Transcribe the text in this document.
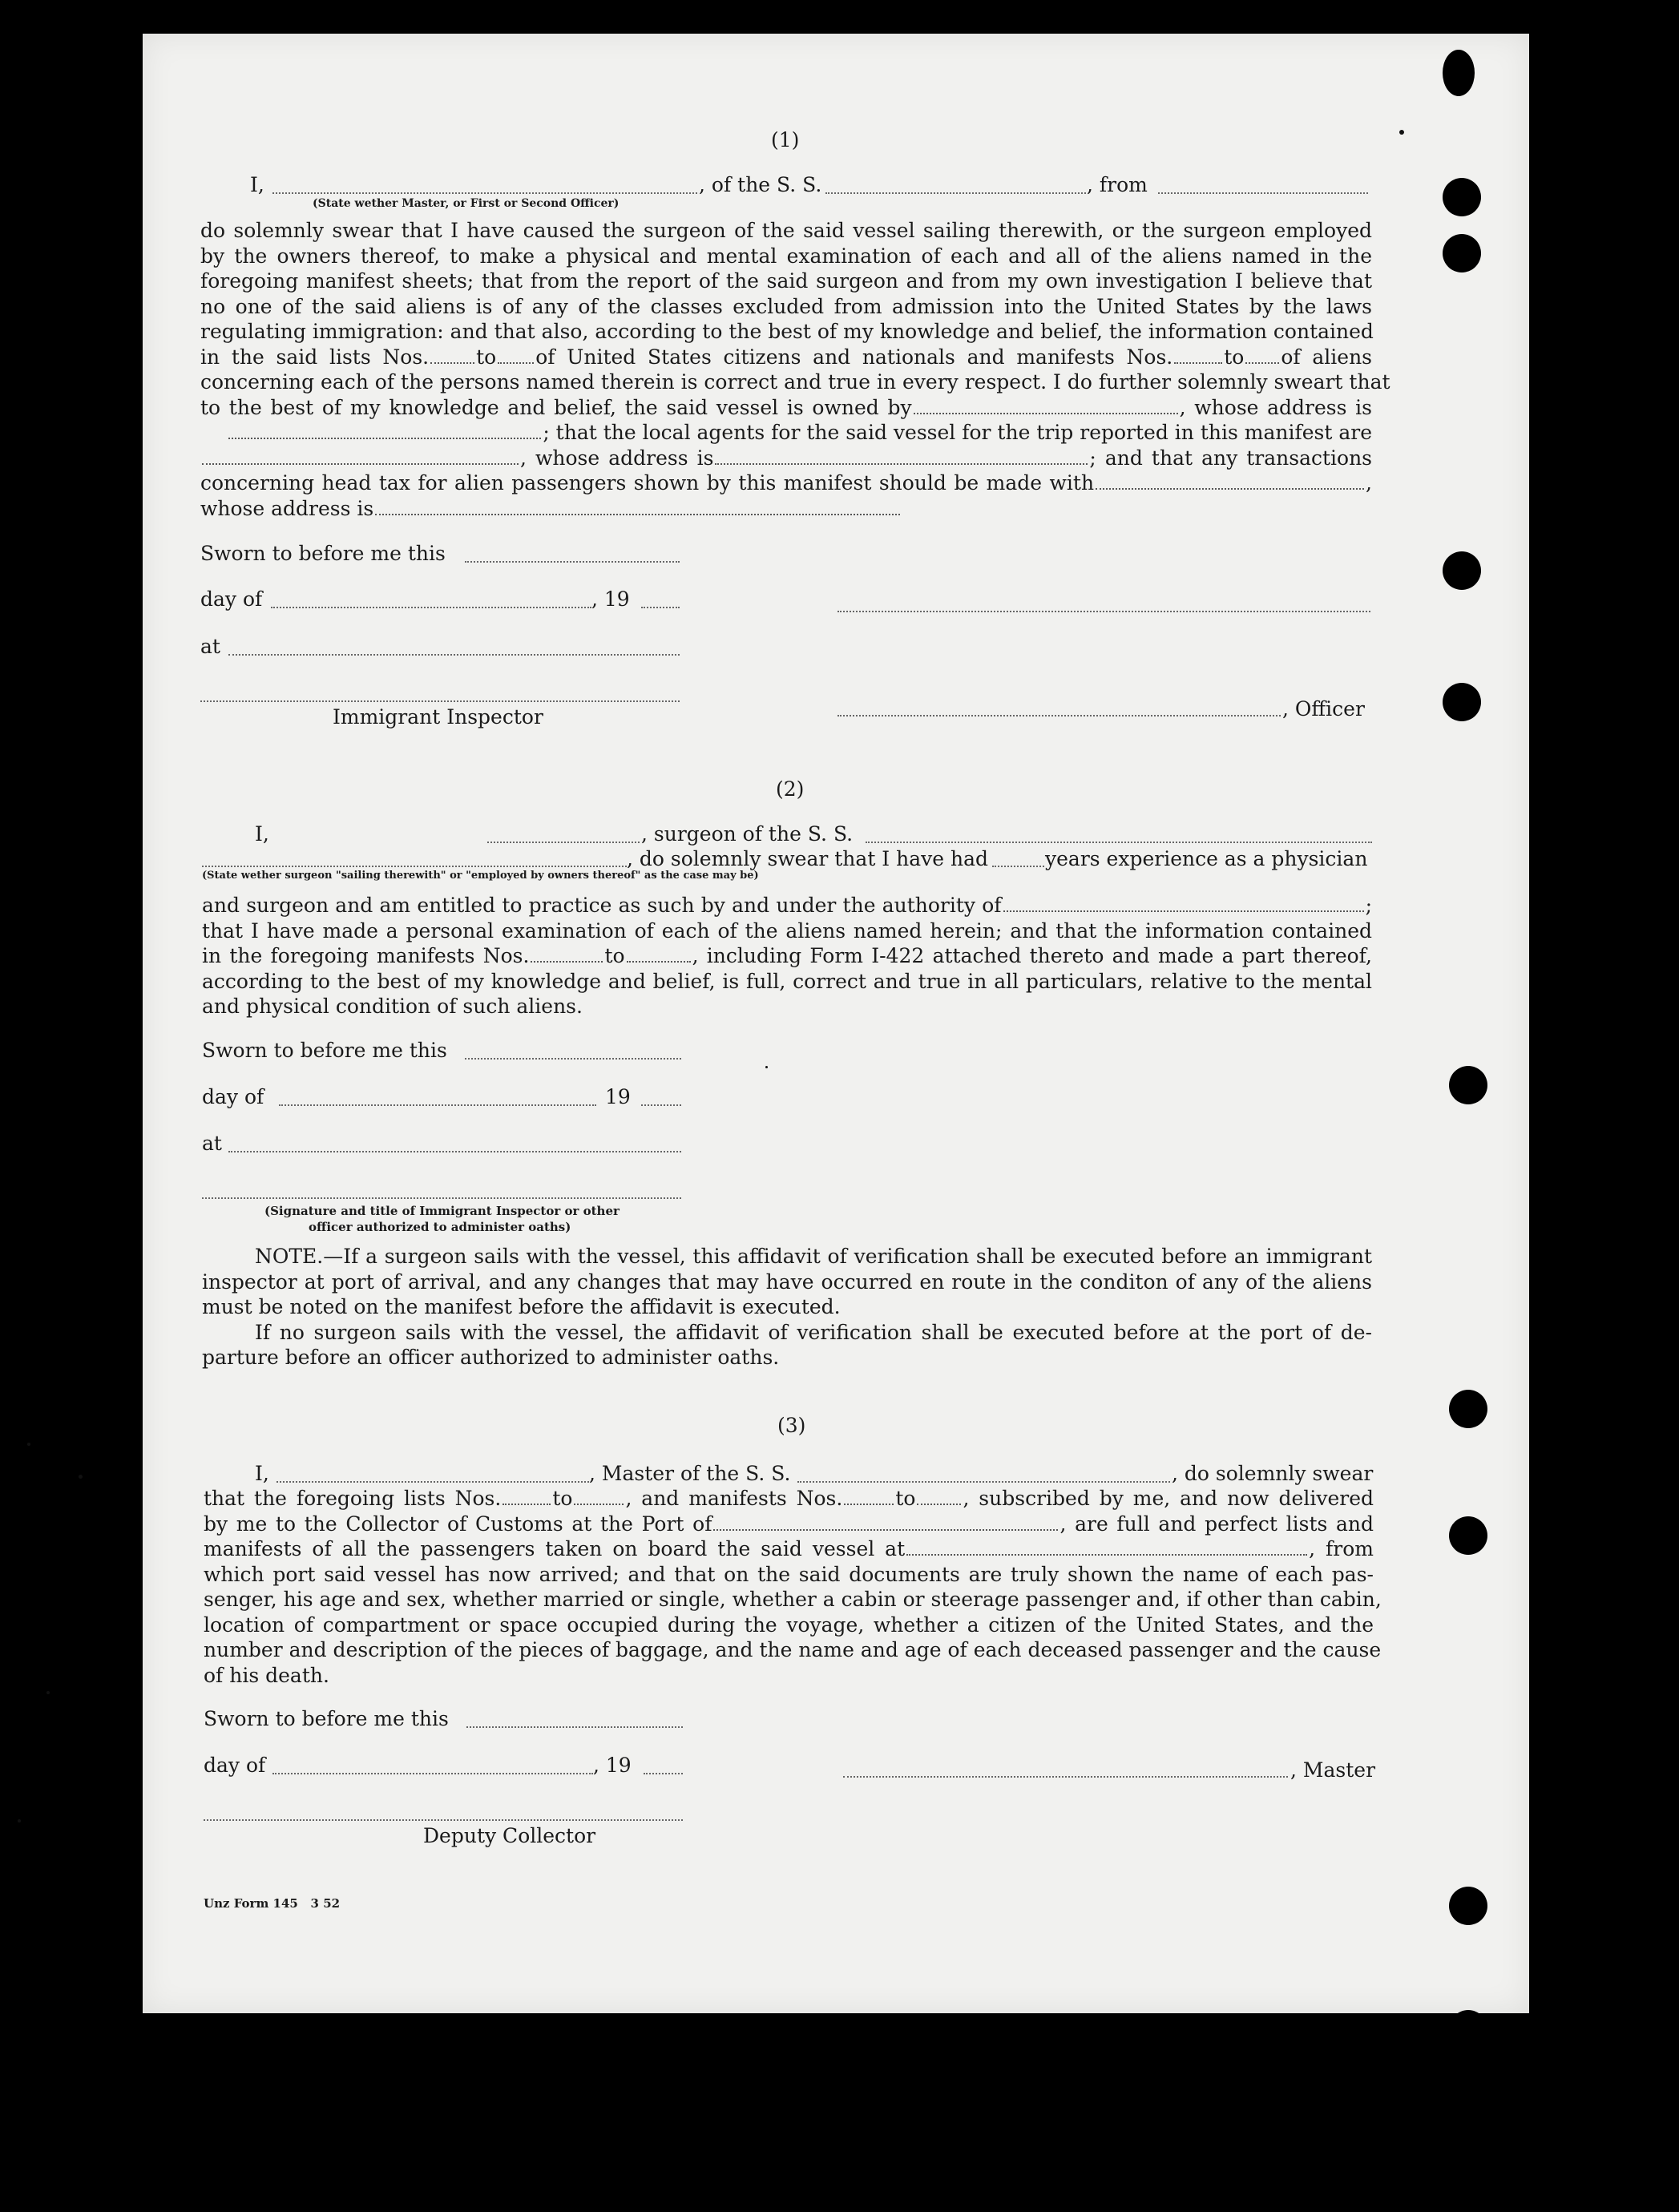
(1)
I,	, of the S. S.	, from
(State wether Master, or First or Second Officer)
do solemnly swear that I have caused the surgeon of the said vessel sailing therewith, or the surgeon employed
by the owners thereof, to make a physical and mental examination of each and all of the aliens named in the
foregoing manifest sheets; that from the report of the said surgeon and from my own investigation I believe that
no one of the said aliens is of any of the classes excluded from admission into the United States by the laws
regulating immigration: and that also, according to the best of my knowledge and belief, the information contained
in the said lists Nos. to of United States citizens and nationals and manifests Nos.	to of aliens
concerning each of the persons named therein is correct and true in every respect. I do further solemnly sweart that
to the best of my knowledge and belief, the said vessel is owned by	, whose address is
; that the local agents for the said vessel for the trip reported in this manifest are
, whose address is	; and that any transactions
concerning head tax for alien passengers shown by this manifest should be made with	,
whose address is
Sworn to before me this
day of	, 19
at
Immigrant Inspector	, Officer
(2)
I,	, surgeon of the S. S.
, do solemnly swear that I have had	years experience as a physician
(State wether surgeon "sailing therewith" or "employed by owners thereof" as the case may be)
and surgeon and am entitled to practice as such by and under the authority of	;
that I have made a personal examination of each of the aliens named herein; and that the information contained
in the foregoing manifests Nos.	to	, including Form I-422 attached thereto and made a part thereof,
according to the best of my knowledge and belief, is full, correct and true in all particulars, relative to the mental
and physical condition of such aliens.
Sworn to before me this
day of	19
at
(Signature and title of Immigrant Inspector or other
officer authorized to administer oaths)
NOTE.—If a surgeon sails with the vessel, this affidavit of verification shall be executed before an immigrant
inspector at port of arrival, and any changes that may have occurred en route in the conditon of any of the aliens
must be noted on the manifest before the affidavit is executed.
If no surgeon sails with the vessel, the affidavit of verification shall be executed before at the port of de-
parture before an officer authorized to administer oaths.
(3)
I,	, Master of the S. S.	, do solemnly swear
that the foregoing lists Nos.	to	, and manifests Nos.	to , subscribed by me, and now delivered
by me to the Collector of Customs at the Port of	, are full and perfect lists and
manifests of all the passengers taken on board the said vessel at	, from
which port said vessel has now arrived; and that on the said documents are truly shown the name of each pas-
senger, his age and sex, whether married or single, whether a cabin or steerage passenger and, if other than cabin,
location of compartment or space occupied during the voyage, whether a citizen of the United States, and the
number and description of the pieces of baggage, and the name and age of each deceased passenger and the cause
of his death.
Sworn to before me this
day of	, 19	, Master
Deputy Collector
Unz Form 145   3 52
